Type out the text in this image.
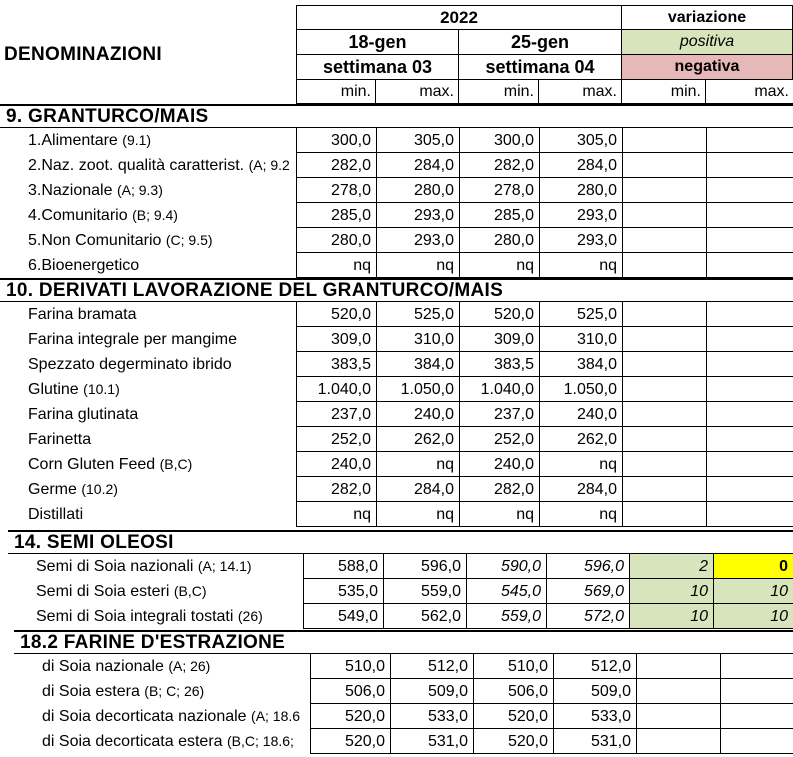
DENOMINAZIONI
2022	variazione
18-gen	25-gen	positiva
settimana 03	settimana 04	negativa
min.	max.	min.	max.	min.	max.
9. GRANTURCO/MAIS
1.Alimentare (9.1)	300,0	305,0	300,0	305,0
2.Naz. zoot. qualità caratterist. (A; 9.2	282,0	284,0	282,0	284,0
3.Nazionale (A; 9.3)	278,0	280,0	278,0	280,0
4.Comunitario (B; 9.4)	285,0	293,0	285,0	293,0
5.Non Comunitario (C; 9.5)	280,0	293,0	280,0	293,0
6.Bioenergetico	nq	nq	nq	nq
10. DERIVATI LAVORAZIONE DEL GRANTURCO/MAIS
Farina bramata	520,0	525,0	520,0	525,0
Farina integrale per mangime	309,0	310,0	309,0	310,0
Spezzato degerminato ibrido	383,5	384,0	383,5	384,0
Glutine (10.1)	1.040,0	1.050,0	1.040,0	1.050,0
Farina glutinata	237,0	240,0	237,0	240,0
Farinetta	252,0	262,0	252,0	262,0
Corn Gluten Feed (B,C)	240,0	nq	240,0	nq
Germe (10.2)	282,0	284,0	282,0	284,0
Distillati	nq	nq	nq	nq
14. SEMI OLEOSI
Semi di Soia nazionali (A; 14.1)	588,0	596,0	590,0	596,0	2	0
Semi di Soia esteri (B,C)	535,0	559,0	545,0	569,0	10	10
Semi di Soia integrali tostati (26)	549,0	562,0	559,0	572,0	10	10
18.2 FARINE D'ESTRAZIONE
di Soia nazionale (A; 26)	510,0	512,0	510,0	512,0
di Soia estera (B; C; 26)	506,0	509,0	506,0	509,0
di Soia decorticata nazionale (A; 18.6	520,0	533,0	520,0	533,0
di Soia decorticata estera (B,C; 18.6;	520,0	531,0	520,0	531,0
